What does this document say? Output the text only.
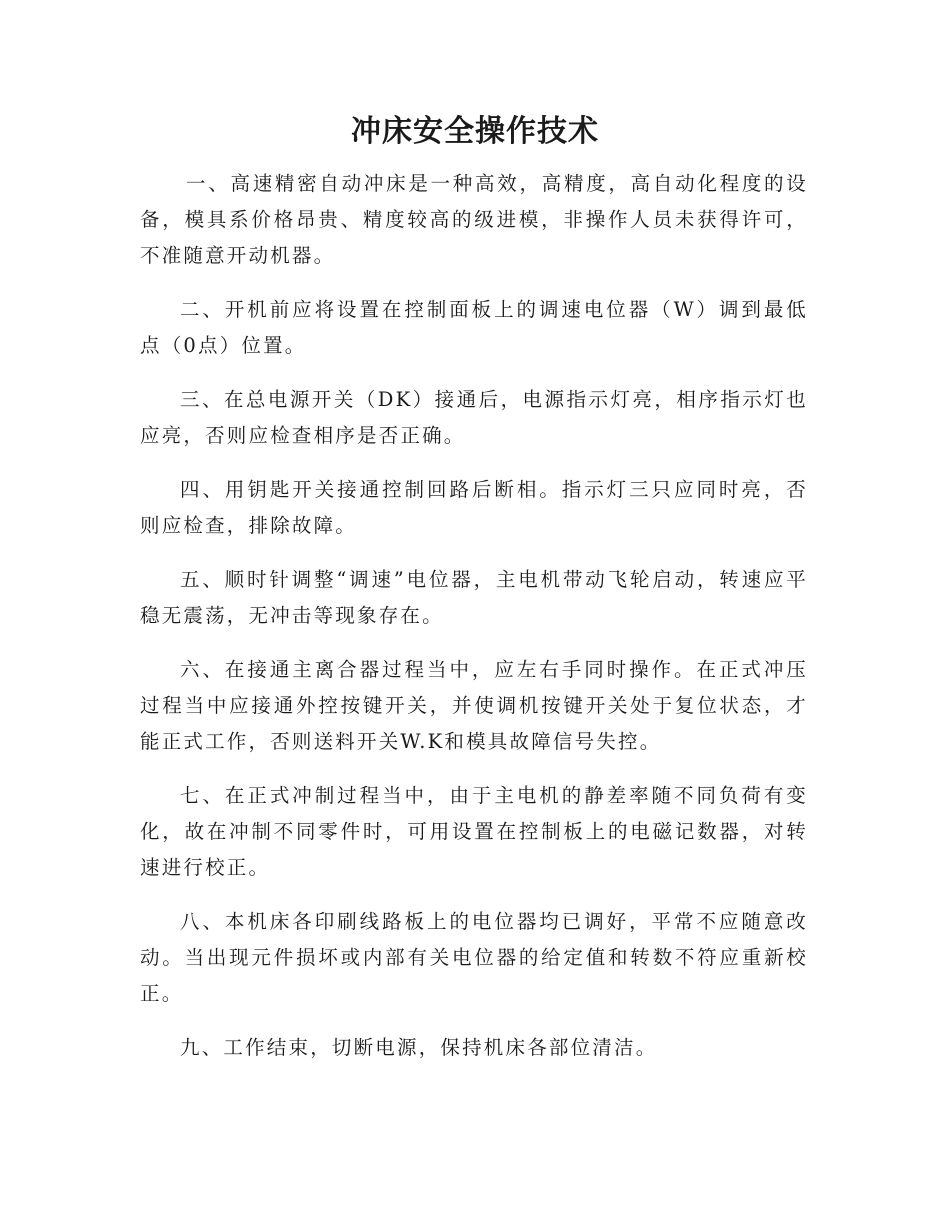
冲床安全操作技术

一、高速精密自动冲床是一种高效，高精度，高自动化程度的设备，模具系价格昂贵、精度较高的级进模，非操作人员未获得许可，不准随意开动机器。

二、开机前应将设置在控制面板上的调速电位器（W）调到最低点（0点）位置。

三、在总电源开关（DK）接通后，电源指示灯亮，相序指示灯也应亮，否则应检查相序是否正确。

四、用钥匙开关接通控制回路后断相。指示灯三只应同时亮，否则应检查，排除故障。

五、顺时针调整“调速”电位器，主电机带动飞轮启动，转速应平稳无震荡，无冲击等现象存在。

六、在接通主离合器过程当中，应左右手同时操作。在正式冲压过程当中应接通外控按键开关，并使调机按键开关处于复位状态，才能正式工作，否则送料开关W.K和模具故障信号失控。

七、在正式冲制过程当中，由于主电机的静差率随不同负荷有变化，故在冲制不同零件时，可用设置在控制板上的电磁记数器，对转速进行校正。

八、本机床各印刷线路板上的电位器均已调好，平常不应随意改动。当出现元件损坏或内部有关电位器的给定值和转数不符应重新校正。

九、工作结束，切断电源，保持机床各部位清洁。
